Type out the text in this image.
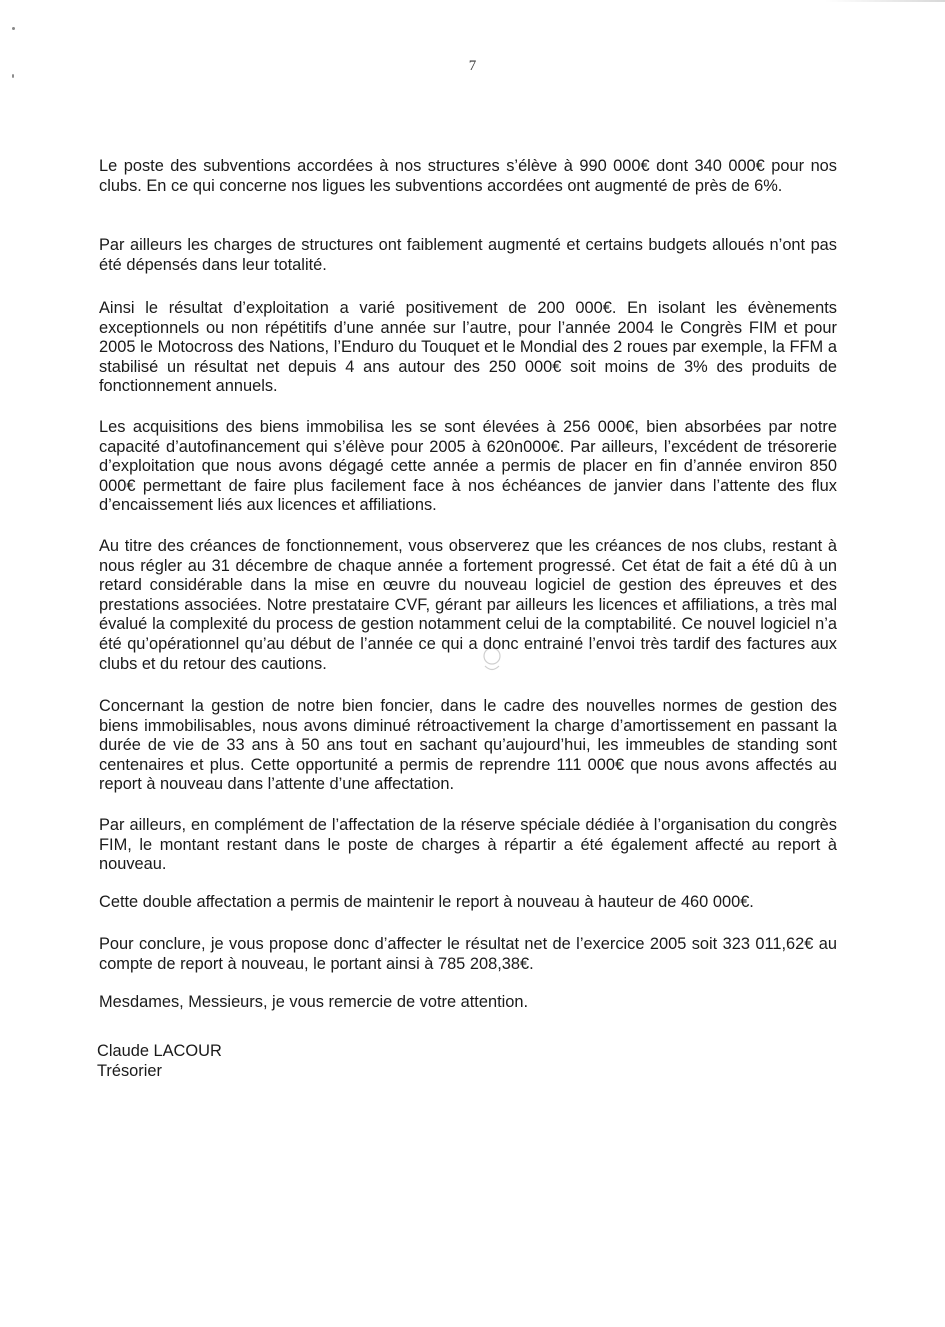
7

Le poste des subventions accordées à nos structures s’élève à 990 000€ dont 340 000€ pour nos clubs. En ce qui concerne nos ligues les subventions accordées ont augmenté de près de 6%.

Par ailleurs les charges de structures ont faiblement augmenté et certains budgets alloués n’ont pas été dépensés dans leur totalité.

Ainsi le résultat d’exploitation a varié positivement de 200 000€. En isolant les évènements exceptionnels ou non répétitifs d’une année sur l’autre, pour l’année 2004 le Congrès FIM et pour 2005 le Motocross des Nations, l’Enduro du Touquet et le Mondial des 2 roues par exemple, la FFM a stabilisé un résultat net depuis 4 ans autour des 250 000€ soit moins de 3% des produits de fonctionnement annuels.

Les acquisitions des biens immobilisa les se sont élevées à 256 000€, bien absorbées par notre capacité d’autofinancement qui s’élève pour 2005 à 620n000€. Par ailleurs, l’excédent de trésorerie d’exploitation que nous avons dégagé cette année a permis de placer en fin d’année environ 850 000€ permettant de faire plus facilement face à nos échéances de janvier dans l’attente des flux d’encaissement liés aux licences et affiliations.

Au titre des créances de fonctionnement, vous observerez que les créances de nos clubs, restant à nous régler au 31 décembre de chaque année a fortement progressé. Cet état de fait a été dû à un retard considérable dans la mise en œuvre du nouveau logiciel de gestion des épreuves et des prestations associées. Notre prestataire CVF, gérant par ailleurs les licences et affiliations, a très mal évalué la complexité du process de gestion notamment celui de la comptabilité. Ce nouvel logiciel n’a été qu’opérationnel qu’au début de l’année ce qui a donc entrainé l’envoi très tardif des factures aux clubs et du retour des cautions.

Concernant la gestion de notre bien foncier, dans le cadre des nouvelles normes de gestion des biens immobilisables, nous avons diminué rétroactivement la charge d’amortissement en passant la durée de vie de 33 ans à 50 ans tout en sachant qu’aujourd’hui, les immeubles de standing sont centenaires et plus. Cette opportunité a permis de reprendre 111 000€ que nous avons affectés au report à nouveau dans l’attente d’une affectation.

Par ailleurs, en complément de l’affectation de la réserve spéciale dédiée à l’organisation du congrès FIM, le montant restant dans le poste de charges à répartir a été également affecté au report à nouveau.

Cette double affectation a permis de maintenir le report à nouveau à hauteur de 460 000€.

Pour conclure, je vous propose donc d’affecter le résultat net de l’exercice 2005 soit 323 011,62€ au compte de report à nouveau, le portant ainsi à 785 208,38€.

Mesdames, Messieurs, je vous remercie de votre attention.

Claude LACOUR
Trésorier
